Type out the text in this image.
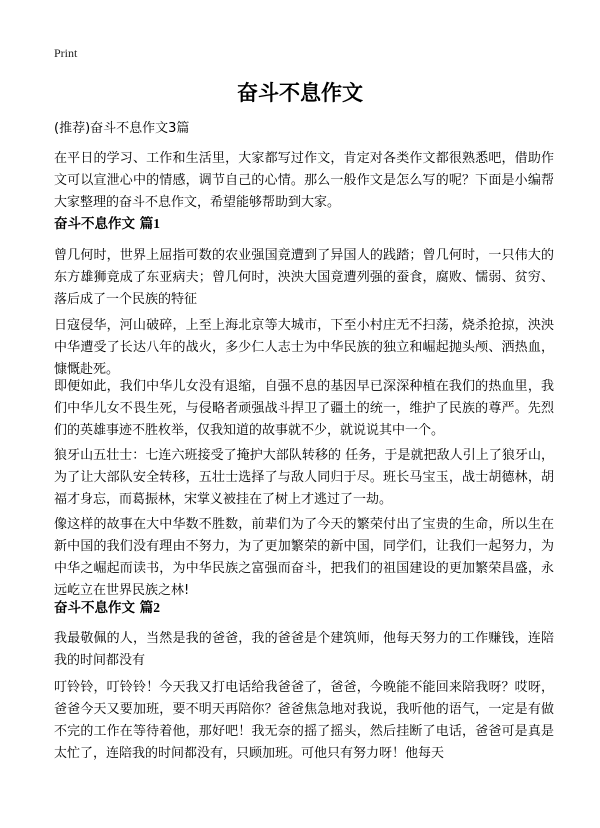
Print
奋斗不息作文
(推荐)奋斗不息作文3篇

在平日的学习、工作和生活里，大家都写过作文，肯定对各类作文都很熟悉吧，借助作文可以宣泄心中的情感，调节自己的心情。那么一般作文是怎么写的呢？下面是小编帮大家整理的奋斗不息作文，希望能够帮助到大家。

奋斗不息作文 篇1

曾几何时，世界上屈指可数的农业强国竟遭到了异国人的践踏；曾几何时，一只伟大的东方雄狮竟成了东亚病夫；曾几何时，泱泱大国竟遭列强的蚕食，腐败、懦弱、贫穷、落后成了一个民族的特征

日寇侵华，河山破碎，上至上海北京等大城市，下至小村庄无不扫荡，烧杀抢掠，泱泱中华遭受了长达八年的战火，多少仁人志士为中华民族的独立和崛起抛头颅、洒热血，慷慨赴死。

即便如此，我们中华儿女没有退缩，自强不息的基因早已深深种植在我们的热血里，我们中华儿女不畏生死，与侵略者顽强战斗捍卫了疆土的统一，维护了民族的尊严。先烈们的英雄事迹不胜枚举，仅我知道的故事就不少，就说说其中一个。

狼牙山五壮士：七连六班接受了掩护大部队转移的 任务，于是就把敌人引上了狼牙山，为了让大部队安全转移，五壮士选择了与敌人同归于尽。班长马宝玉，战士胡德林，胡福才身忘，而葛振林，宋掌义被挂在了树上才逃过了一劫。

像这样的故事在大中华数不胜数，前辈们为了今天的繁荣付出了宝贵的生命，所以生在新中国的我们没有理由不努力，为了更加繁荣的新中国，同学们，让我们一起努力，为中华之崛起而读书，为中华民族之富强而奋斗，把我们的祖国建设的更加繁荣昌盛，永远屹立在世界民族之林!

奋斗不息作文 篇2

我最敬佩的人，当然是我的爸爸，我的爸爸是个建筑师，他每天努力的工作赚钱，连陪我的时间都没有

叮铃铃，叮铃铃！今天我又打电话给我爸爸了，爸爸，今晚能不能回来陪我呀？哎呀，爸爸今天又要加班，要不明天再陪你？爸爸焦急地对我说，我听他的语气，一定是有做不完的工作在等待着他，那好吧！我无奈的摇了摇头，然后挂断了电话，爸爸可是真是太忙了，连陪我的时间都没有，只顾加班。可他只有努力呀！他每天
